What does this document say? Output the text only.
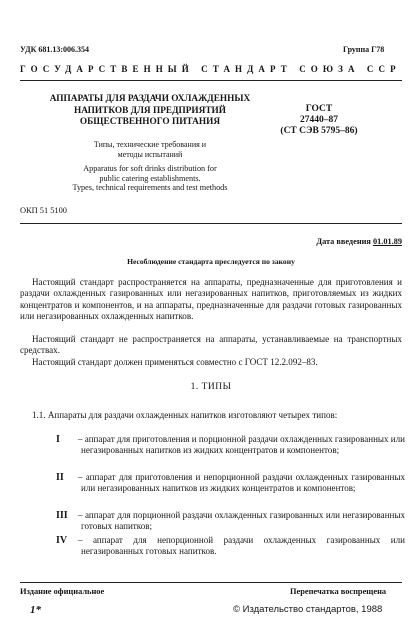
УДК 681.13:006.354	Группа Г78
ГОСУДАРСТВЕННЫЙ СТАНДАРТ СОЮЗА ССР
АППАРАТЫ ДЛЯ РАЗДАЧИ ОХЛАЖДЕННЫХ
НАПИТКОВ ДЛЯ ПРЕДПРИЯТИЙ
ОБЩЕСТВЕННОГО ПИТАНИЯ
Типы, технические требования и
методы испытаний
Apparatus for soft drinks distribution for
public catering establishments.
Types, technical requirements and test methods
ГОСТ
27440–87
(СТ СЭВ 5795–86)
ОКП 51 5100
Дата введения 01.01.89
Несоблюдение стандарта преследуется по закону

Настоящий стандарт распространяется на аппараты, предназначенные для приготовления и раздачи охлажденных газированных или негазированных напитков, приготовляемых из жидких концентратов и компонентов, и на аппараты, предназначенные для раздачи готовых газированных или негазированных охлажденных напитков.

Настоящий стандарт не распространяется на аппараты, устанавливаемые на транспортных средствах.

Настоящий стандарт должен применяться совместно с ГОСТ 12.2.092–83.

1. ТИПЫ

1.1. Аппараты для раздачи охлажденных напитков изготовляют четырех типов:

I	– аппарат для приготовления и порционной раздачи охлажденных газированных или негазированных напитков из жидких концентратов и компонентов;
II	– аппарат для приготовления и непорционной раздачи охлажденных газированных или негазированных напитков из жидких концентратов и компонентов;
III – аппарат для порционной раздачи охлажденных газированных или негазированных готовых напитков;
IV	– аппарат для непорционной раздачи охлажденных газированных или негазированных готовых напитков.
Издание официальное	Перепечатка воспрещена
1*	© Издательство стандартов, 1988
